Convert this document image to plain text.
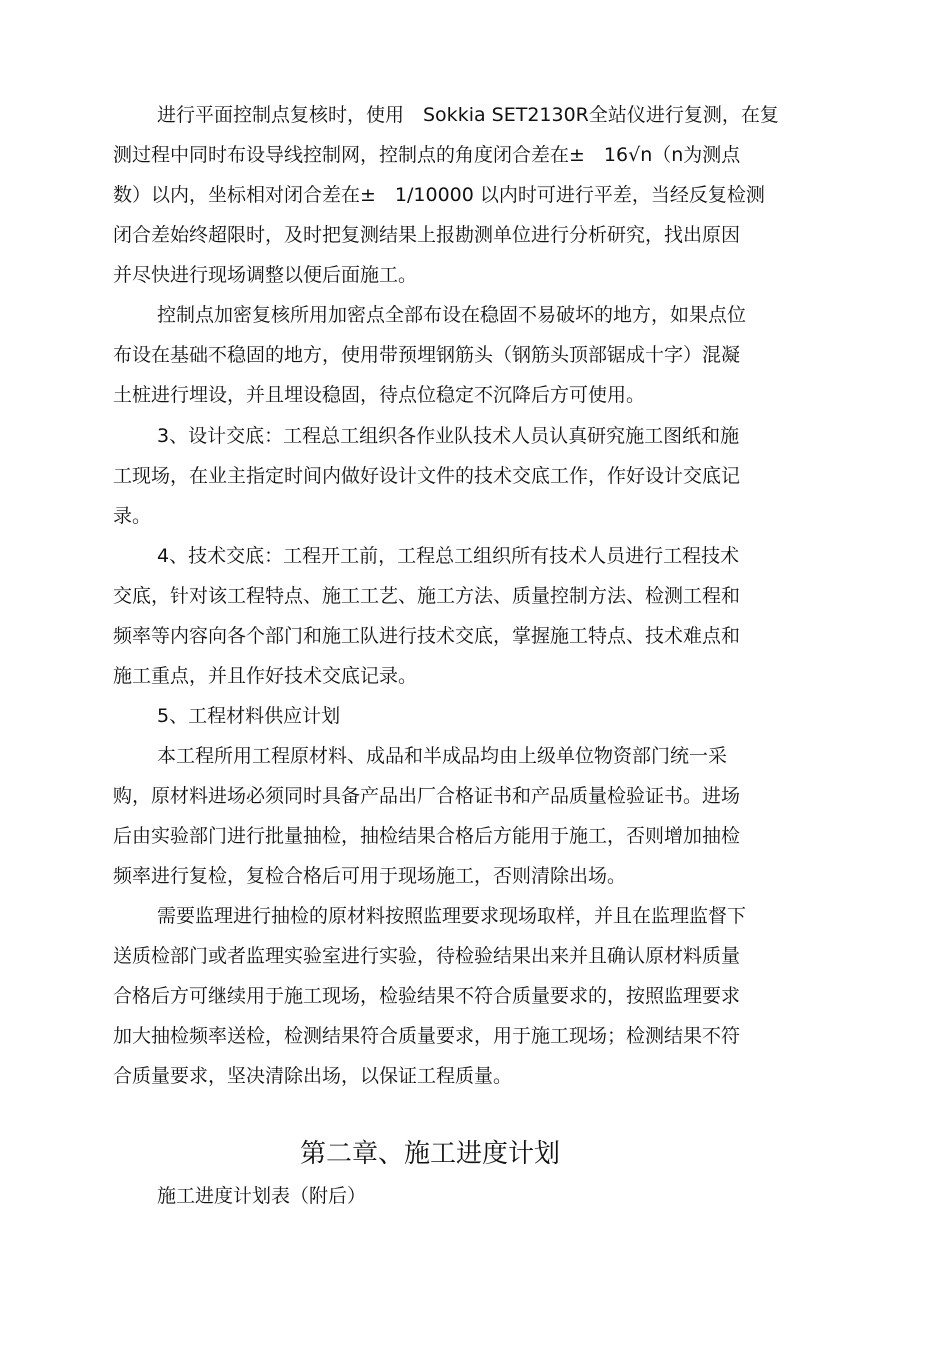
进行平面控制点复核时，使用　Sokkia SET2130R全站仪进行复测，在复
测过程中同时布设导线控制网，控制点的角度闭合差在±　16√n（n为测点
数）以内，坐标相对闭合差在±　1/10000 以内时可进行平差，当经反复检测
闭合差始终超限时，及时把复测结果上报勘测单位进行分析研究，找出原因
并尽快进行现场调整以便后面施工。
控制点加密复核所用加密点全部布设在稳固不易破坏的地方，如果点位
布设在基础不稳固的地方，使用带预埋钢筋头（钢筋头顶部锯成十字）混凝
土桩进行埋设，并且埋设稳固，待点位稳定不沉降后方可使用。
3、设计交底：工程总工组织各作业队技术人员认真研究施工图纸和施
工现场，在业主指定时间内做好设计文件的技术交底工作，作好设计交底记
录。
4、技术交底：工程开工前，工程总工组织所有技术人员进行工程技术
交底，针对该工程特点、施工工艺、施工方法、质量控制方法、检测工程和
频率等内容向各个部门和施工队进行技术交底，掌握施工特点、技术难点和
施工重点，并且作好技术交底记录。
5、工程材料供应计划
本工程所用工程原材料、成品和半成品均由上级单位物资部门统一采
购，原材料进场必须同时具备产品出厂合格证书和产品质量检验证书。进场
后由实验部门进行批量抽检，抽检结果合格后方能用于施工，否则增加抽检
频率进行复检，复检合格后可用于现场施工，否则清除出场。
需要监理进行抽检的原材料按照监理要求现场取样，并且在监理监督下
送质检部门或者监理实验室进行实验，待检验结果出来并且确认原材料质量
合格后方可继续用于施工现场，检验结果不符合质量要求的，按照监理要求
加大抽检频率送检，检测结果符合质量要求，用于施工现场；检测结果不符
合质量要求，坚决清除出场，以保证工程质量。
第二章、施工进度计划
施工进度计划表（附后）
